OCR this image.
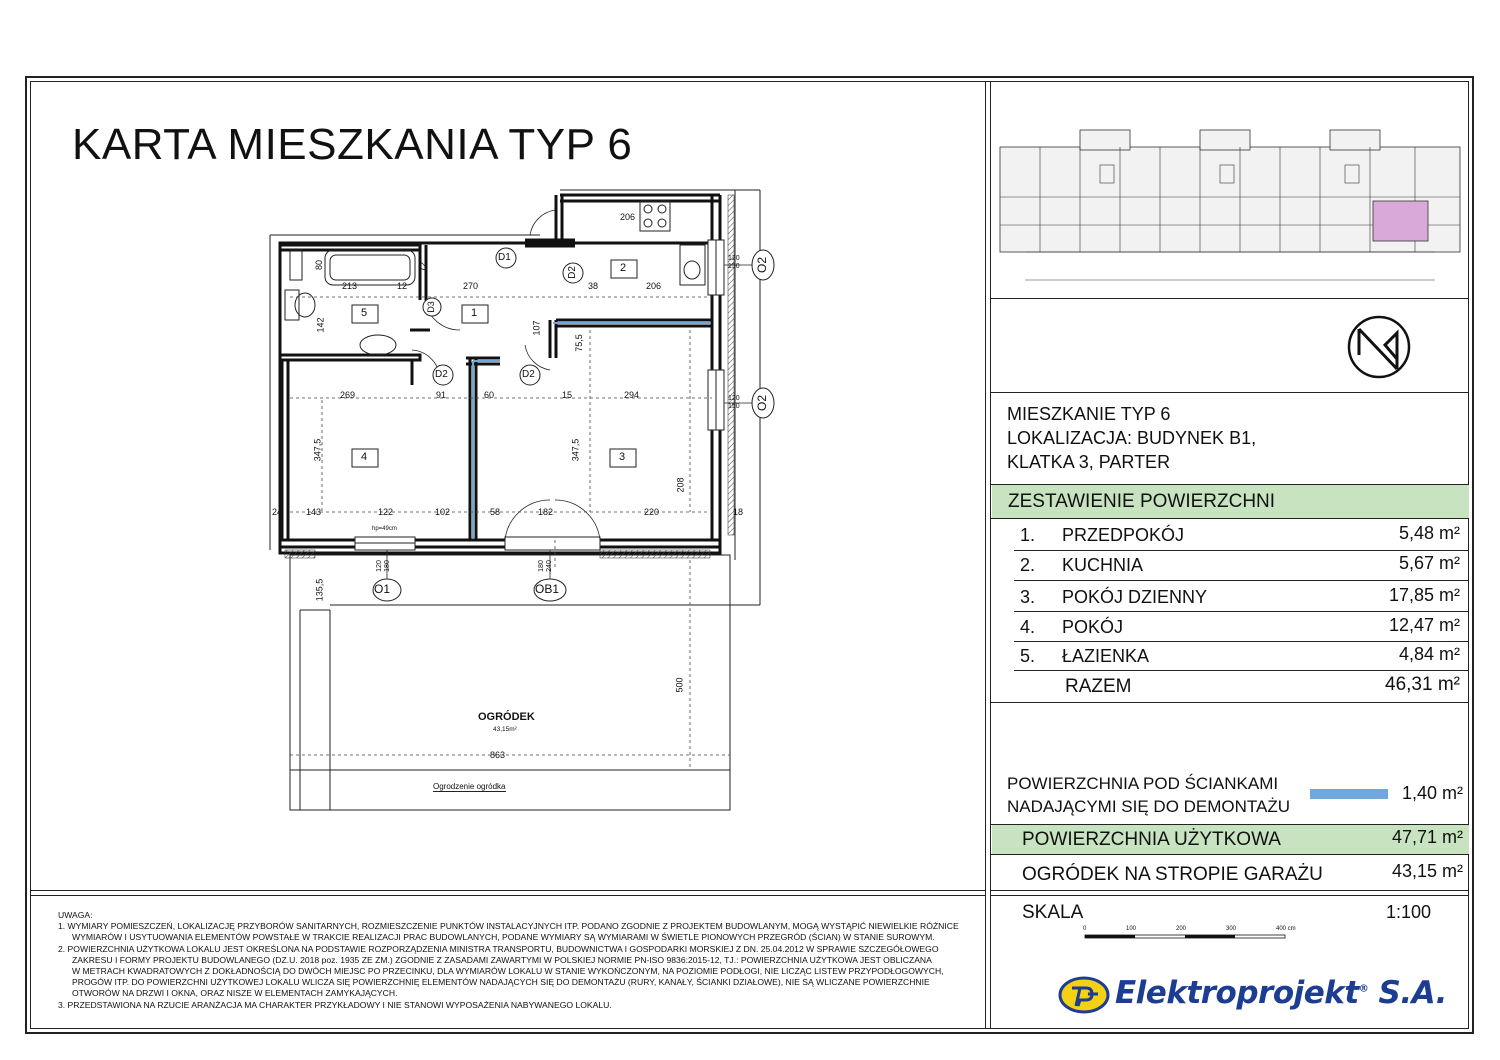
KARTA MIESZKANIA TYP 6
5	1
2
3
4
O1	OB1
O2
O2
D1
D2
D2	D2
D3
213	270
206
206
269	294
347,5	347,5
143	122	102	182	220
863
500
135,5
107
75,5
142
208
91	60	15
58
38
12
24	18
80	72
120
150
120
150
120
180	180
240
hp=49cm
OGRÓDEK
43,15m²
Ogrodzenie ogródka
MIESZKANIE TYP 6
LOKALIZACJA: BUDYNEK B1,
KLATKA 3, PARTER
ZESTAWIENIE POWIERZCHNI
1. PRZEDPOKÓJ	5,48 m²
2. KUCHNIA	5,67 m²
3. POKÓJ DZIENNY	17,85 m²
4. POKÓJ	12,47 m²
5. ŁAZIENKA	4,84 m²
RAZEM	46,31 m²
POWIERZCHNIA POD ŚCIANKAMI
NADAJĄCYMI SIĘ DO DEMONTAŻU
1,40 m²
POWIERZCHNIA UŻYTKOWA	47,71 m²
OGRÓDEK NA STROPIE GARAŻU	43,15 m²
SKALA	1:100
0	100	200	300	400 cm
Elektroprojekt® S.A.
UWAGA:
1. WYMIARY POMIESZCZEŃ, LOKALIZACJĘ PRZYBORÓW SANITARNYCH, ROZMIESZCZENIE PUNKTÓW INSTALACYJNYCH ITP. PODANO ZGODNIE Z PROJEKTEM BUDOWLANYM, MOGĄ WYSTĄPIĆ NIEWIELKIE RÓŻNICE
WYMIARÓW I USYTUOWANIA ELEMENTÓW POWSTAŁE W TRAKCIE REALIZACJI PRAC BUDOWLANYCH, PODANE WYMIARY SĄ WYMIARAMI W ŚWIETLE PIONOWYCH PRZEGRÓD (ŚCIAN) W STANIE SUROWYM.
2. POWIERZCHNIA UŻYTKOWA LOKALU JEST OKREŚLONA NA PODSTAWIE ROZPORZĄDZENIA MINISTRA TRANSPORTU, BUDOWNICTWA I GOSPODARKI MORSKIEJ Z DN. 25.04.2012 W SPRAWIE SZCZEGÓŁOWEGO
ZAKRESU I FORMY PROJEKTU BUDOWLANEGO (DZ.U. 2018 poz. 1935 ZE ZM.) ZGODNIE Z ZASADAMI ZAWARTYMI W POLSKIEJ NORMIE PN-ISO 9836:2015-12, TJ.: POWIERZCHNIA UŻYTKOWA JEST OBLICZANA
W METRACH KWADRATOWYCH Z DOKŁADNOŚCIĄ DO DWÓCH MIEJSC PO PRZECINKU, DLA WYMIARÓW LOKALU W STANIE WYKOŃCZONYM, NA POZIOMIE PODŁOGI, NIE LICZĄC LISTEW PRZYPODŁOGOWYCH,
PROGÓW ITP. DO POWIERZCHNI UŻYTKOWEJ LOKALU WLICZA SIĘ POWIERZCHNIĘ ELEMENTÓW NADAJĄCYCH SIĘ DO DEMONTAŻU (RURY, KANAŁY, ŚCIANKI DZIAŁOWE), NIE SĄ WLICZANE POWIERZCHNIE
OTWORÓW NA DRZWI I OKNA, ORAZ NISZE W ELEMENTACH ZAMYKAJĄCYCH.
3. PRZEDSTAWIONA NA RZUCIE ARANŻACJA MA CHARAKTER PRZYKŁADOWY I NIE STANOWI WYPOSAŻENIA NABYWANEGO LOKALU.
